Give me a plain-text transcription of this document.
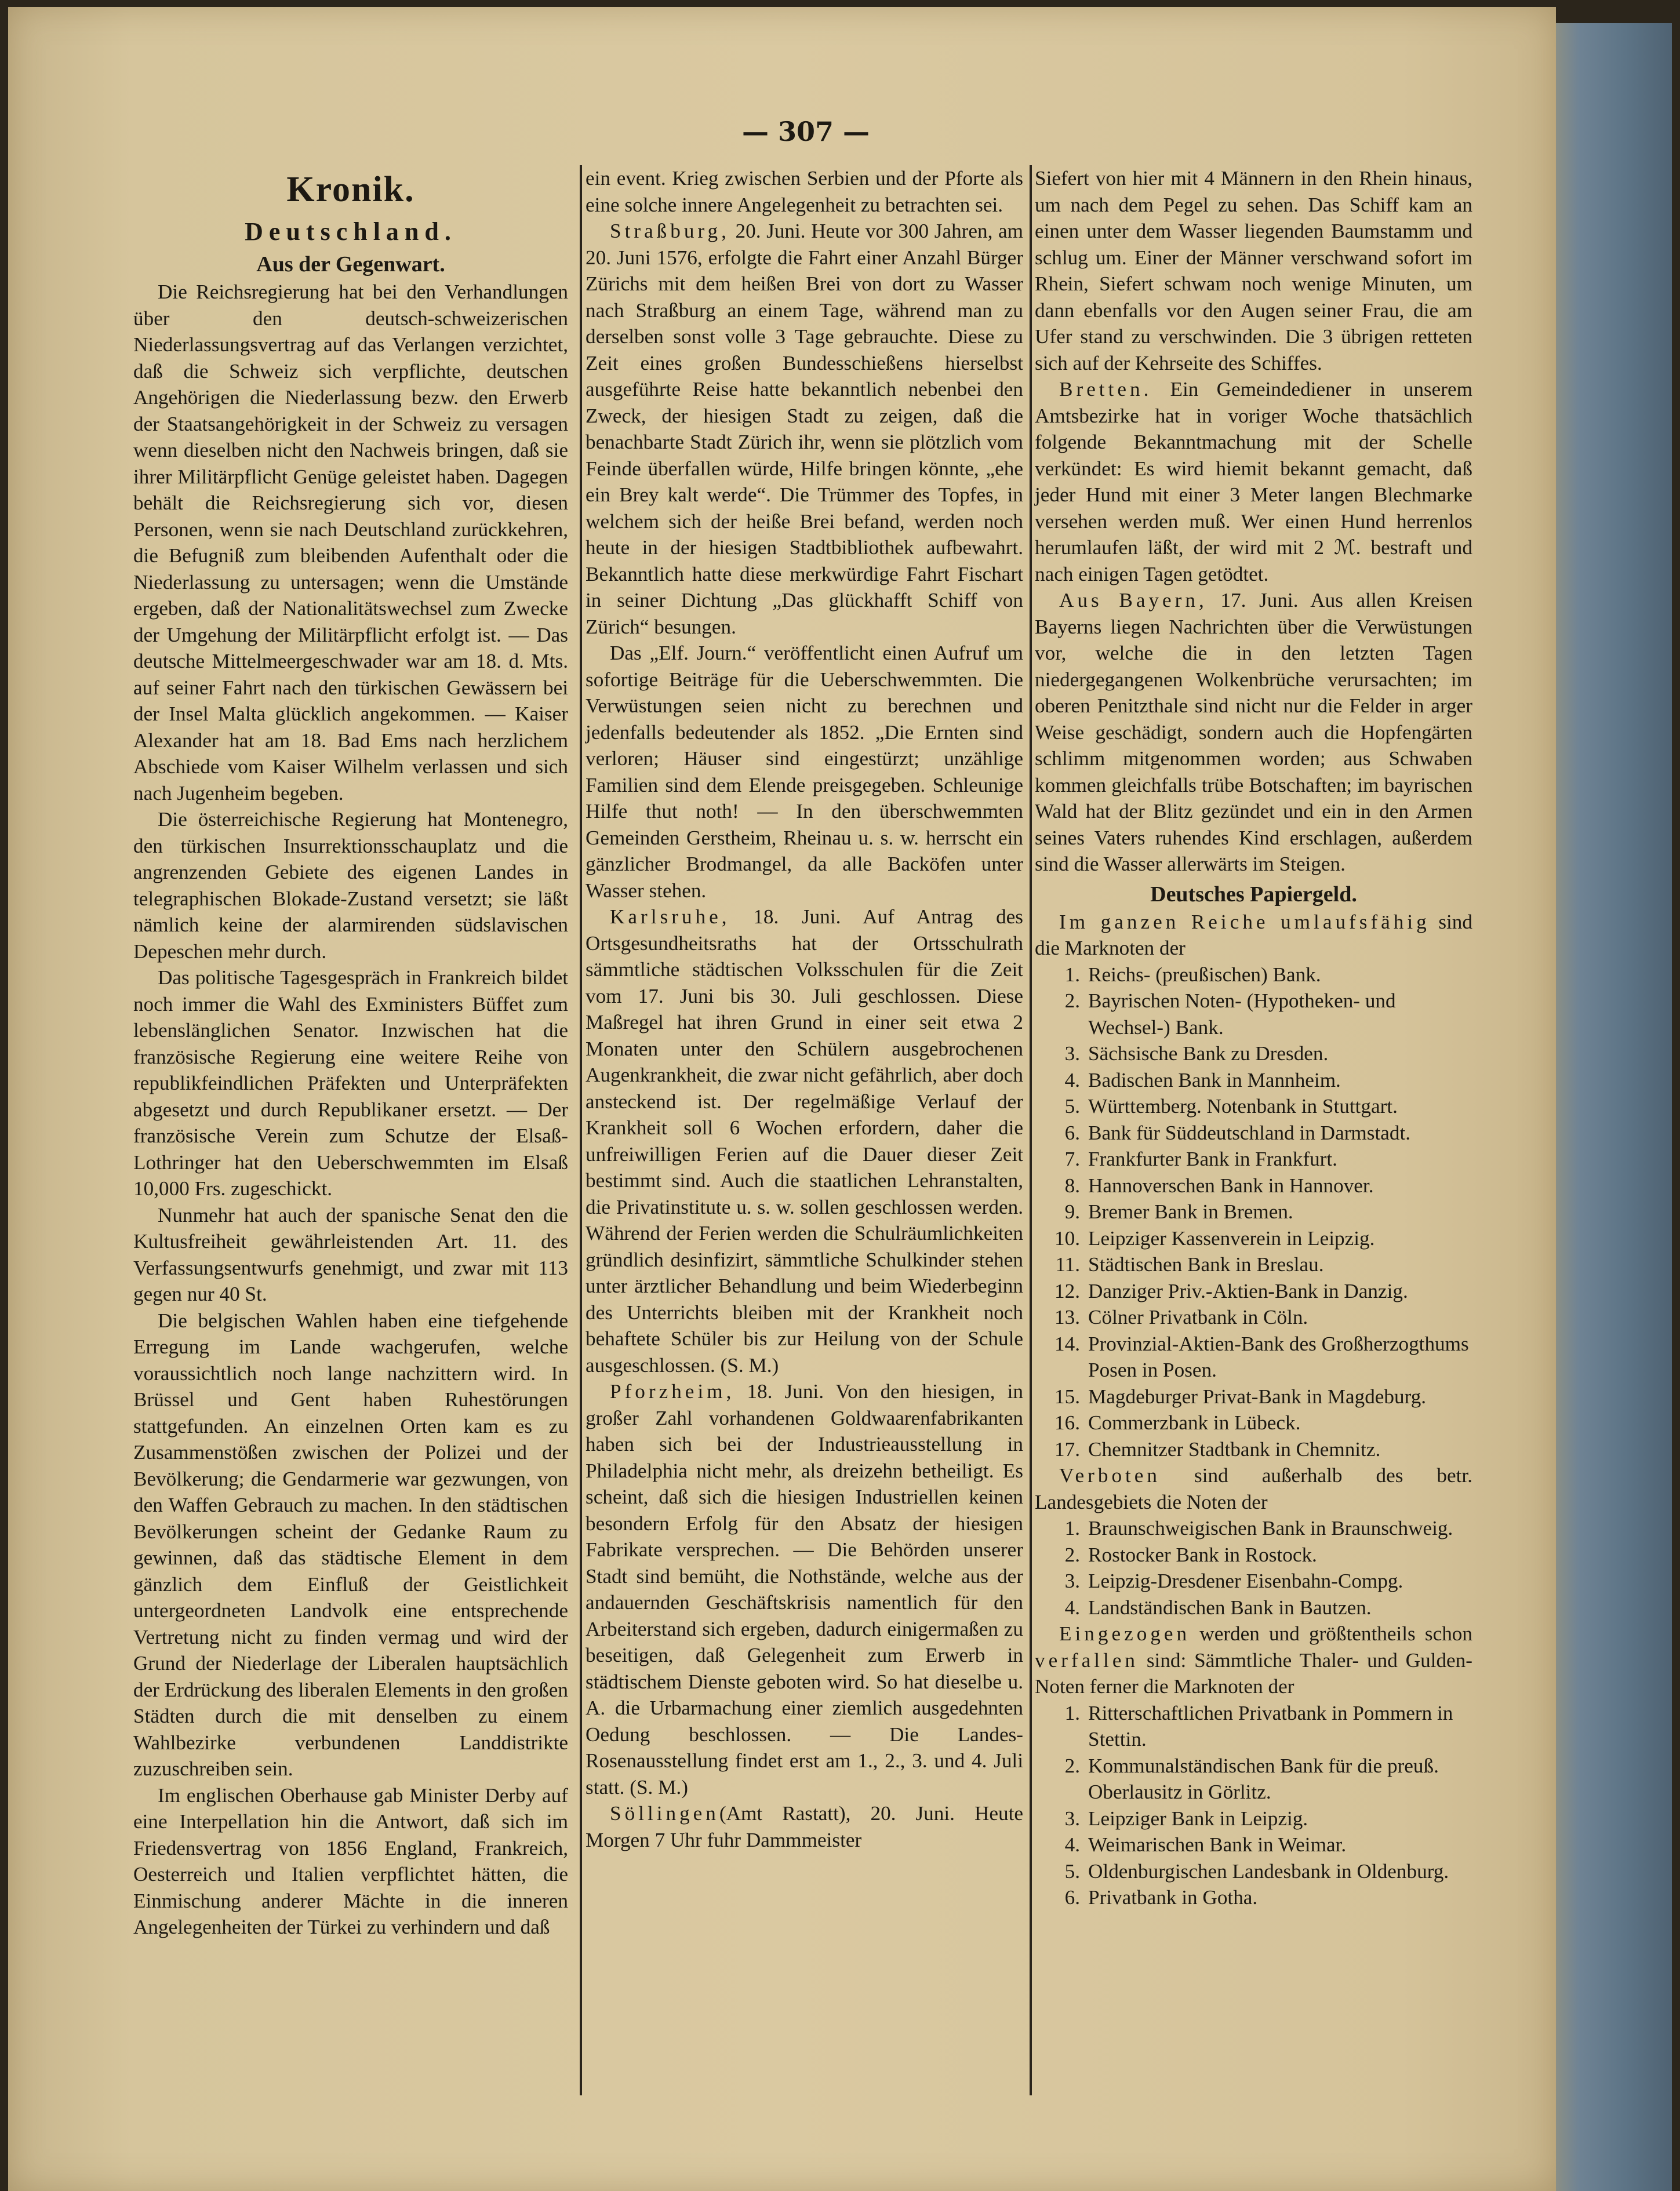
— 307 —
Kronik.
Deutschland.
Aus der Gegenwart.

Die Reichsregierung hat bei den Verhandlungen über den deutsch-schweizerischen Niederlassungsvertrag auf das Verlangen verzichtet, daß die Schweiz sich verpflichte, deutschen Angehörigen die Niederlassung bezw. den Erwerb der Staatsangehörigkeit in der Schweiz zu versagen wenn dieselben nicht den Nachweis bringen, daß sie ihrer Militärpflicht Genüge geleistet haben. Dagegen behält die Reichsregierung sich vor, diesen Personen, wenn sie nach Deutschland zurückkehren, die Befugniß zum bleibenden Aufenthalt oder die Niederlassung zu untersagen; wenn die Umstände ergeben, daß der Nationalitätswechsel zum Zwecke der Umgehung der Militärpflicht erfolgt ist. — Das deutsche Mittelmeergeschwader war am 18. d. Mts. auf seiner Fahrt nach den türkischen Gewässern bei der Insel Malta glücklich angekommen. — Kaiser Alexander hat am 18. Bad Ems nach herzlichem Abschiede vom Kaiser Wilhelm verlassen und sich nach Jugenheim begeben.

Die österreichische Regierung hat Montenegro, den türkischen Insurrektionsschauplatz und die angrenzenden Gebiete des eigenen Landes in telegraphischen Blokade-Zustand versetzt; sie läßt nämlich keine der alarmirenden südslavischen Depeschen mehr durch.

Das politische Tagesgespräch in Frankreich bildet noch immer die Wahl des Exministers Büffet zum lebenslänglichen Senator. Inzwischen hat die französische Regierung eine weitere Reihe von republikfeindlichen Präfekten und Unterpräfekten abgesetzt und durch Republikaner ersetzt. — Der französische Verein zum Schutze der Elsaß-Lothringer hat den Ueberschwemmten im Elsaß 10,000 Frs. zugeschickt.

Nunmehr hat auch der spanische Senat den die Kultusfreiheit gewährleistenden Art. 11. des Verfassungsentwurfs genehmigt, und zwar mit 113 gegen nur 40 St.

Die belgischen Wahlen haben eine tiefgehende Erregung im Lande wachgerufen, welche voraussichtlich noch lange nachzittern wird. In Brüssel und Gent haben Ruhestörungen stattgefunden. An einzelnen Orten kam es zu Zusammenstößen zwischen der Polizei und der Bevölkerung; die Gendarmerie war gezwungen, von den Waffen Gebrauch zu machen. In den städtischen Bevölkerungen scheint der Gedanke Raum zu gewinnen, daß das städtische Element in dem gänzlich dem Einfluß der Geistlichkeit untergeordneten Landvolk eine entsprechende Vertretung nicht zu finden vermag und wird der Grund der Niederlage der Liberalen hauptsächlich der Erdrückung des liberalen Elements in den großen Städten durch die mit denselben zu einem Wahlbezirke verbundenen Landdistrikte zuzuschreiben sein.

Im englischen Oberhause gab Minister Derby auf eine Interpellation hin die Antwort, daß sich im Friedensvertrag von 1856 England, Frankreich, Oesterreich und Italien verpflichtet hätten, die Einmischung anderer Mächte in die inneren Angelegenheiten der Türkei zu verhindern und daß

ein event. Krieg zwischen Serbien und der Pforte als eine solche innere Angelegenheit zu betrachten sei.

Straßburg, 20. Juni. Heute vor 300 Jahren, am 20. Juni 1576, erfolgte die Fahrt einer Anzahl Bürger Zürichs mit dem heißen Brei von dort zu Wasser nach Straßburg an einem Tage, während man zu derselben sonst volle 3 Tage gebrauchte. Diese zu Zeit eines großen Bundesschießens hierselbst ausgeführte Reise hatte bekanntlich nebenbei den Zweck, der hiesigen Stadt zu zeigen, daß die benachbarte Stadt Zürich ihr, wenn sie plötzlich vom Feinde überfallen würde, Hilfe bringen könnte, „ehe ein Brey kalt werde“. Die Trümmer des Topfes, in welchem sich der heiße Brei befand, werden noch heute in der hiesigen Stadtbibliothek aufbewahrt. Bekanntlich hatte diese merkwürdige Fahrt Fischart in seiner Dichtung „Das glückhafft Schiff von Zürich“ besungen.

Das „Elf. Journ.“ veröffentlicht einen Aufruf um sofortige Beiträge für die Ueberschwemmten. Die Verwüstungen seien nicht zu berechnen und jedenfalls bedeutender als 1852. „Die Ernten sind verloren; Häuser sind eingestürzt; unzählige Familien sind dem Elende preisgegeben. Schleunige Hilfe thut noth! — In den überschwemmten Gemeinden Gerstheim, Rheinau u. s. w. herrscht ein gänzlicher Brodmangel, da alle Backöfen unter Wasser stehen.

Karlsruhe, 18. Juni. Auf Antrag des Ortsgesundheitsraths hat der Ortsschulrath sämmtliche städtischen Volksschulen für die Zeit vom 17. Juni bis 30. Juli geschlossen. Diese Maßregel hat ihren Grund in einer seit etwa 2 Monaten unter den Schülern ausgebrochenen Augenkrankheit, die zwar nicht gefährlich, aber doch ansteckend ist. Der regelmäßige Verlauf der Krankheit soll 6 Wochen erfordern, daher die unfreiwilligen Ferien auf die Dauer dieser Zeit bestimmt sind. Auch die staatlichen Lehranstalten, die Privatinstitute u. s. w. sollen geschlossen werden. Während der Ferien werden die Schulräumlichkeiten gründlich desinfizirt, sämmtliche Schulkinder stehen unter ärztlicher Behandlung und beim Wiederbeginn des Unterrichts bleiben mit der Krankheit noch behaftete Schüler bis zur Heilung von der Schule ausgeschlossen. (S. M.)

Pforzheim, 18. Juni. Von den hiesigen, in großer Zahl vorhandenen Goldwaarenfabrikanten haben sich bei der Industrieausstellung in Philadelphia nicht mehr, als dreizehn betheiligt. Es scheint, daß sich die hiesigen Industriellen keinen besondern Erfolg für den Absatz der hiesigen Fabrikate versprechen. — Die Behörden unserer Stadt sind bemüht, die Nothstände, welche aus der andauernden Geschäftskrisis namentlich für den Arbeiterstand sich ergeben, dadurch einigermaßen zu beseitigen, daß Gelegenheit zum Erwerb in städtischem Dienste geboten wird. So hat dieselbe u. A. die Urbarmachung einer ziemlich ausgedehnten Oedung beschlossen. — Die Landes-Rosenausstellung findet erst am 1., 2., 3. und 4. Juli statt. (S. M.)

Söllingen(Amt Rastatt), 20. Juni. Heute Morgen 7 Uhr fuhr Dammmeister

Siefert von hier mit 4 Männern in den Rhein hinaus, um nach dem Pegel zu sehen. Das Schiff kam an einen unter dem Wasser liegenden Baumstamm und schlug um. Einer der Männer verschwand sofort im Rhein, Siefert schwam noch wenige Minuten, um dann ebenfalls vor den Augen seiner Frau, die am Ufer stand zu verschwinden. Die 3 übrigen retteten sich auf der Kehrseite des Schiffes.

Bretten. Ein Gemeindediener in unserem Amtsbezirke hat in voriger Woche thatsächlich folgende Bekanntmachung mit der Schelle verkündet: Es wird hiemit bekannt gemacht, daß jeder Hund mit einer 3 Meter langen Blechmarke versehen werden muß. Wer einen Hund herrenlos herumlaufen läßt, der wird mit 2 ℳ. bestraft und nach einigen Tagen getödtet.

Aus Bayern, 17. Juni. Aus allen Kreisen Bayerns liegen Nachrichten über die Verwüstungen vor, welche die in den letzten Tagen niedergegangenen Wolkenbrüche verursachten; im oberen Penitzthale sind nicht nur die Felder in arger Weise geschädigt, sondern auch die Hopfengärten schlimm mitgenommen worden; aus Schwaben kommen gleichfalls trübe Botschaften; im bayrischen Wald hat der Blitz gezündet und ein in den Armen seines Vaters ruhendes Kind erschlagen, außerdem sind die Wasser allerwärts im Steigen.

Deutsches Papiergeld.

Im ganzen Reiche umlaufsfähig sind die Marknoten der

1. Reichs- (preußischen) Bank.
2. Bayrischen Noten- (Hypotheken- und Wechsel-) Bank.
3. Sächsische Bank zu Dresden.
4. Badischen Bank in Mannheim.
5. Württemberg. Notenbank in Stuttgart.
6. Bank für Süddeutschland in Darmstadt.
7. Frankfurter Bank in Frankfurt.
8. Hannoverschen Bank in Hannover.
9. Bremer Bank in Bremen.
10. Leipziger Kassenverein in Leipzig.
11. Städtischen Bank in Breslau.
12. Danziger Priv.-Aktien-Bank in Danzig.
13. Cölner Privatbank in Cöln.
14. Provinzial-Aktien-Bank des Großherzogthums Posen in Posen.
15. Magdeburger Privat-Bank in Magdeburg.
16. Commerzbank in Lübeck.
17. Chemnitzer Stadtbank in Chemnitz.

Verboten sind außerhalb des betr. Landesgebiets die Noten der

1. Braunschweigischen Bank in Braunschweig.
2. Rostocker Bank in Rostock.
3. Leipzig-Dresdener Eisenbahn-Compg.
4. Landständischen Bank in Bautzen.

Eingezogen werden und größtentheils schon verfallen sind: Sämmtliche Thaler- und Gulden-Noten ferner die Marknoten der

1. Ritterschaftlichen Privatbank in Pommern in Stettin.
2. Kommunalständischen Bank für die preuß. Oberlausitz in Görlitz.
3. Leipziger Bank in Leipzig.
4. Weimarischen Bank in Weimar.
5. Oldenburgischen Landesbank in Oldenburg.
6. Privatbank in Gotha.
